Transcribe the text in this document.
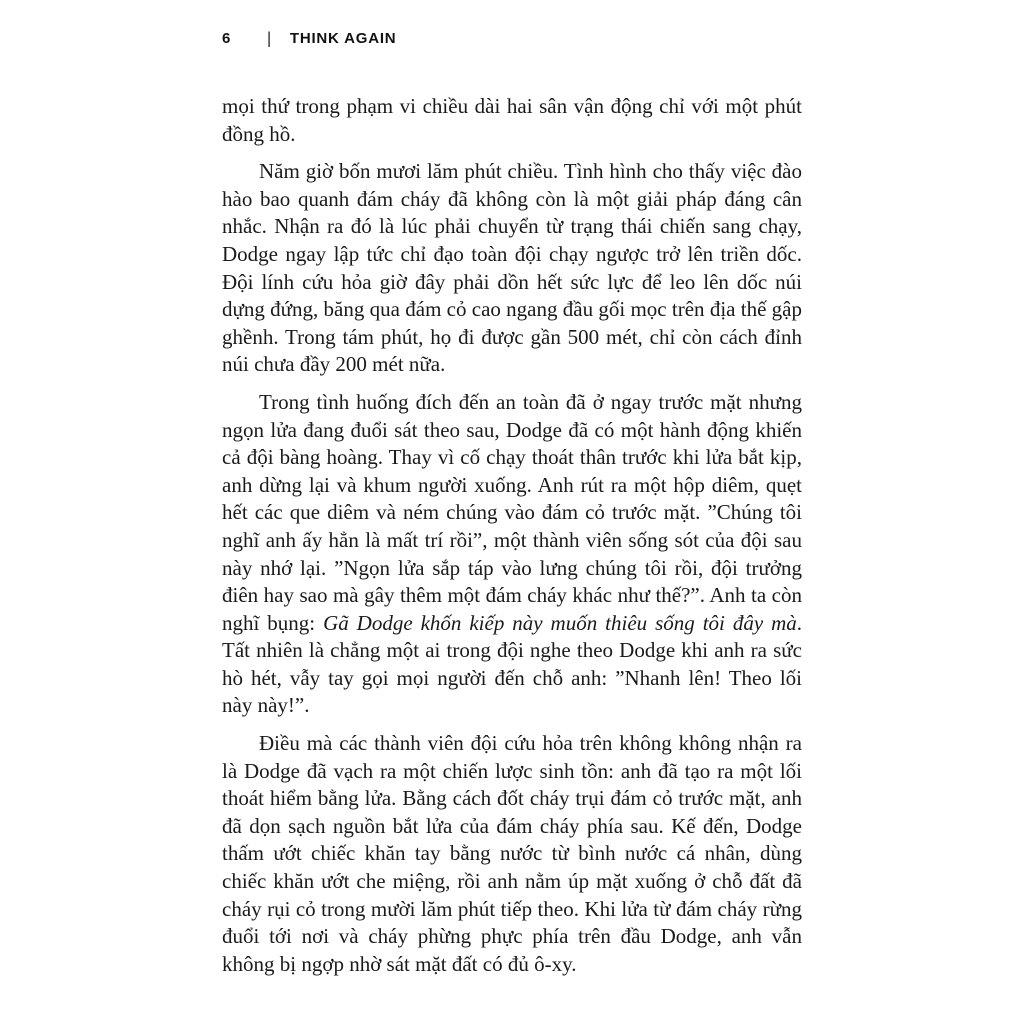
6 | THINK AGAIN

mọi thứ trong phạm vi chiều dài hai sân vận động chỉ với một phút đồng hồ.

Năm giờ bốn mươi lăm phút chiều. Tình hình cho thấy việc đào hào bao quanh đám cháy đã không còn là một giải pháp đáng cân nhắc. Nhận ra đó là lúc phải chuyển từ trạng thái chiến sang chạy, Dodge ngay lập tức chỉ đạo toàn đội chạy ngược trở lên triền dốc. Đội lính cứu hỏa giờ đây phải dồn hết sức lực để leo lên dốc núi dựng đứng, băng qua đám cỏ cao ngang đầu gối mọc trên địa thế gập ghềnh. Trong tám phút, họ đi được gần 500 mét, chỉ còn cách đỉnh núi chưa đầy 200 mét nữa.

Trong tình huống đích đến an toàn đã ở ngay trước mặt nhưng ngọn lửa đang đuổi sát theo sau, Dodge đã có một hành động khiến cả đội bàng hoàng. Thay vì cố chạy thoát thân trước khi lửa bắt kịp, anh dừng lại và khum người xuống. Anh rút ra một hộp diêm, quẹt hết các que diêm và ném chúng vào đám cỏ trước mặt. ”Chúng tôi nghĩ anh ấy hẳn là mất trí rồi”, một thành viên sống sót của đội sau này nhớ lại. ”Ngọn lửa sắp táp vào lưng chúng tôi rồi, đội trưởng điên hay sao mà gây thêm một đám cháy khác như thế?”. Anh ta còn nghĩ bụng: Gã Dodge khốn kiếp này muốn thiêu sống tôi đây mà. Tất nhiên là chẳng một ai trong đội nghe theo Dodge khi anh ra sức hò hét, vẫy tay gọi mọi người đến chỗ anh: ”Nhanh lên! Theo lối này này!”.

Điều mà các thành viên đội cứu hỏa trên không không nhận ra là Dodge đã vạch ra một chiến lược sinh tồn: anh đã tạo ra một lối thoát hiểm bằng lửa. Bằng cách đốt cháy trụi đám cỏ trước mặt, anh đã dọn sạch nguồn bắt lửa của đám cháy phía sau. Kế đến, Dodge thấm ướt chiếc khăn tay bằng nước từ bình nước cá nhân, dùng chiếc khăn ướt che miệng, rồi anh nằm úp mặt xuống ở chỗ đất đã cháy rụi cỏ trong mười lăm phút tiếp theo. Khi lửa từ đám cháy rừng đuổi tới nơi và cháy phừng phực phía trên đầu Dodge, anh vẫn không bị ngợp nhờ sát mặt đất có đủ ô-xy.
